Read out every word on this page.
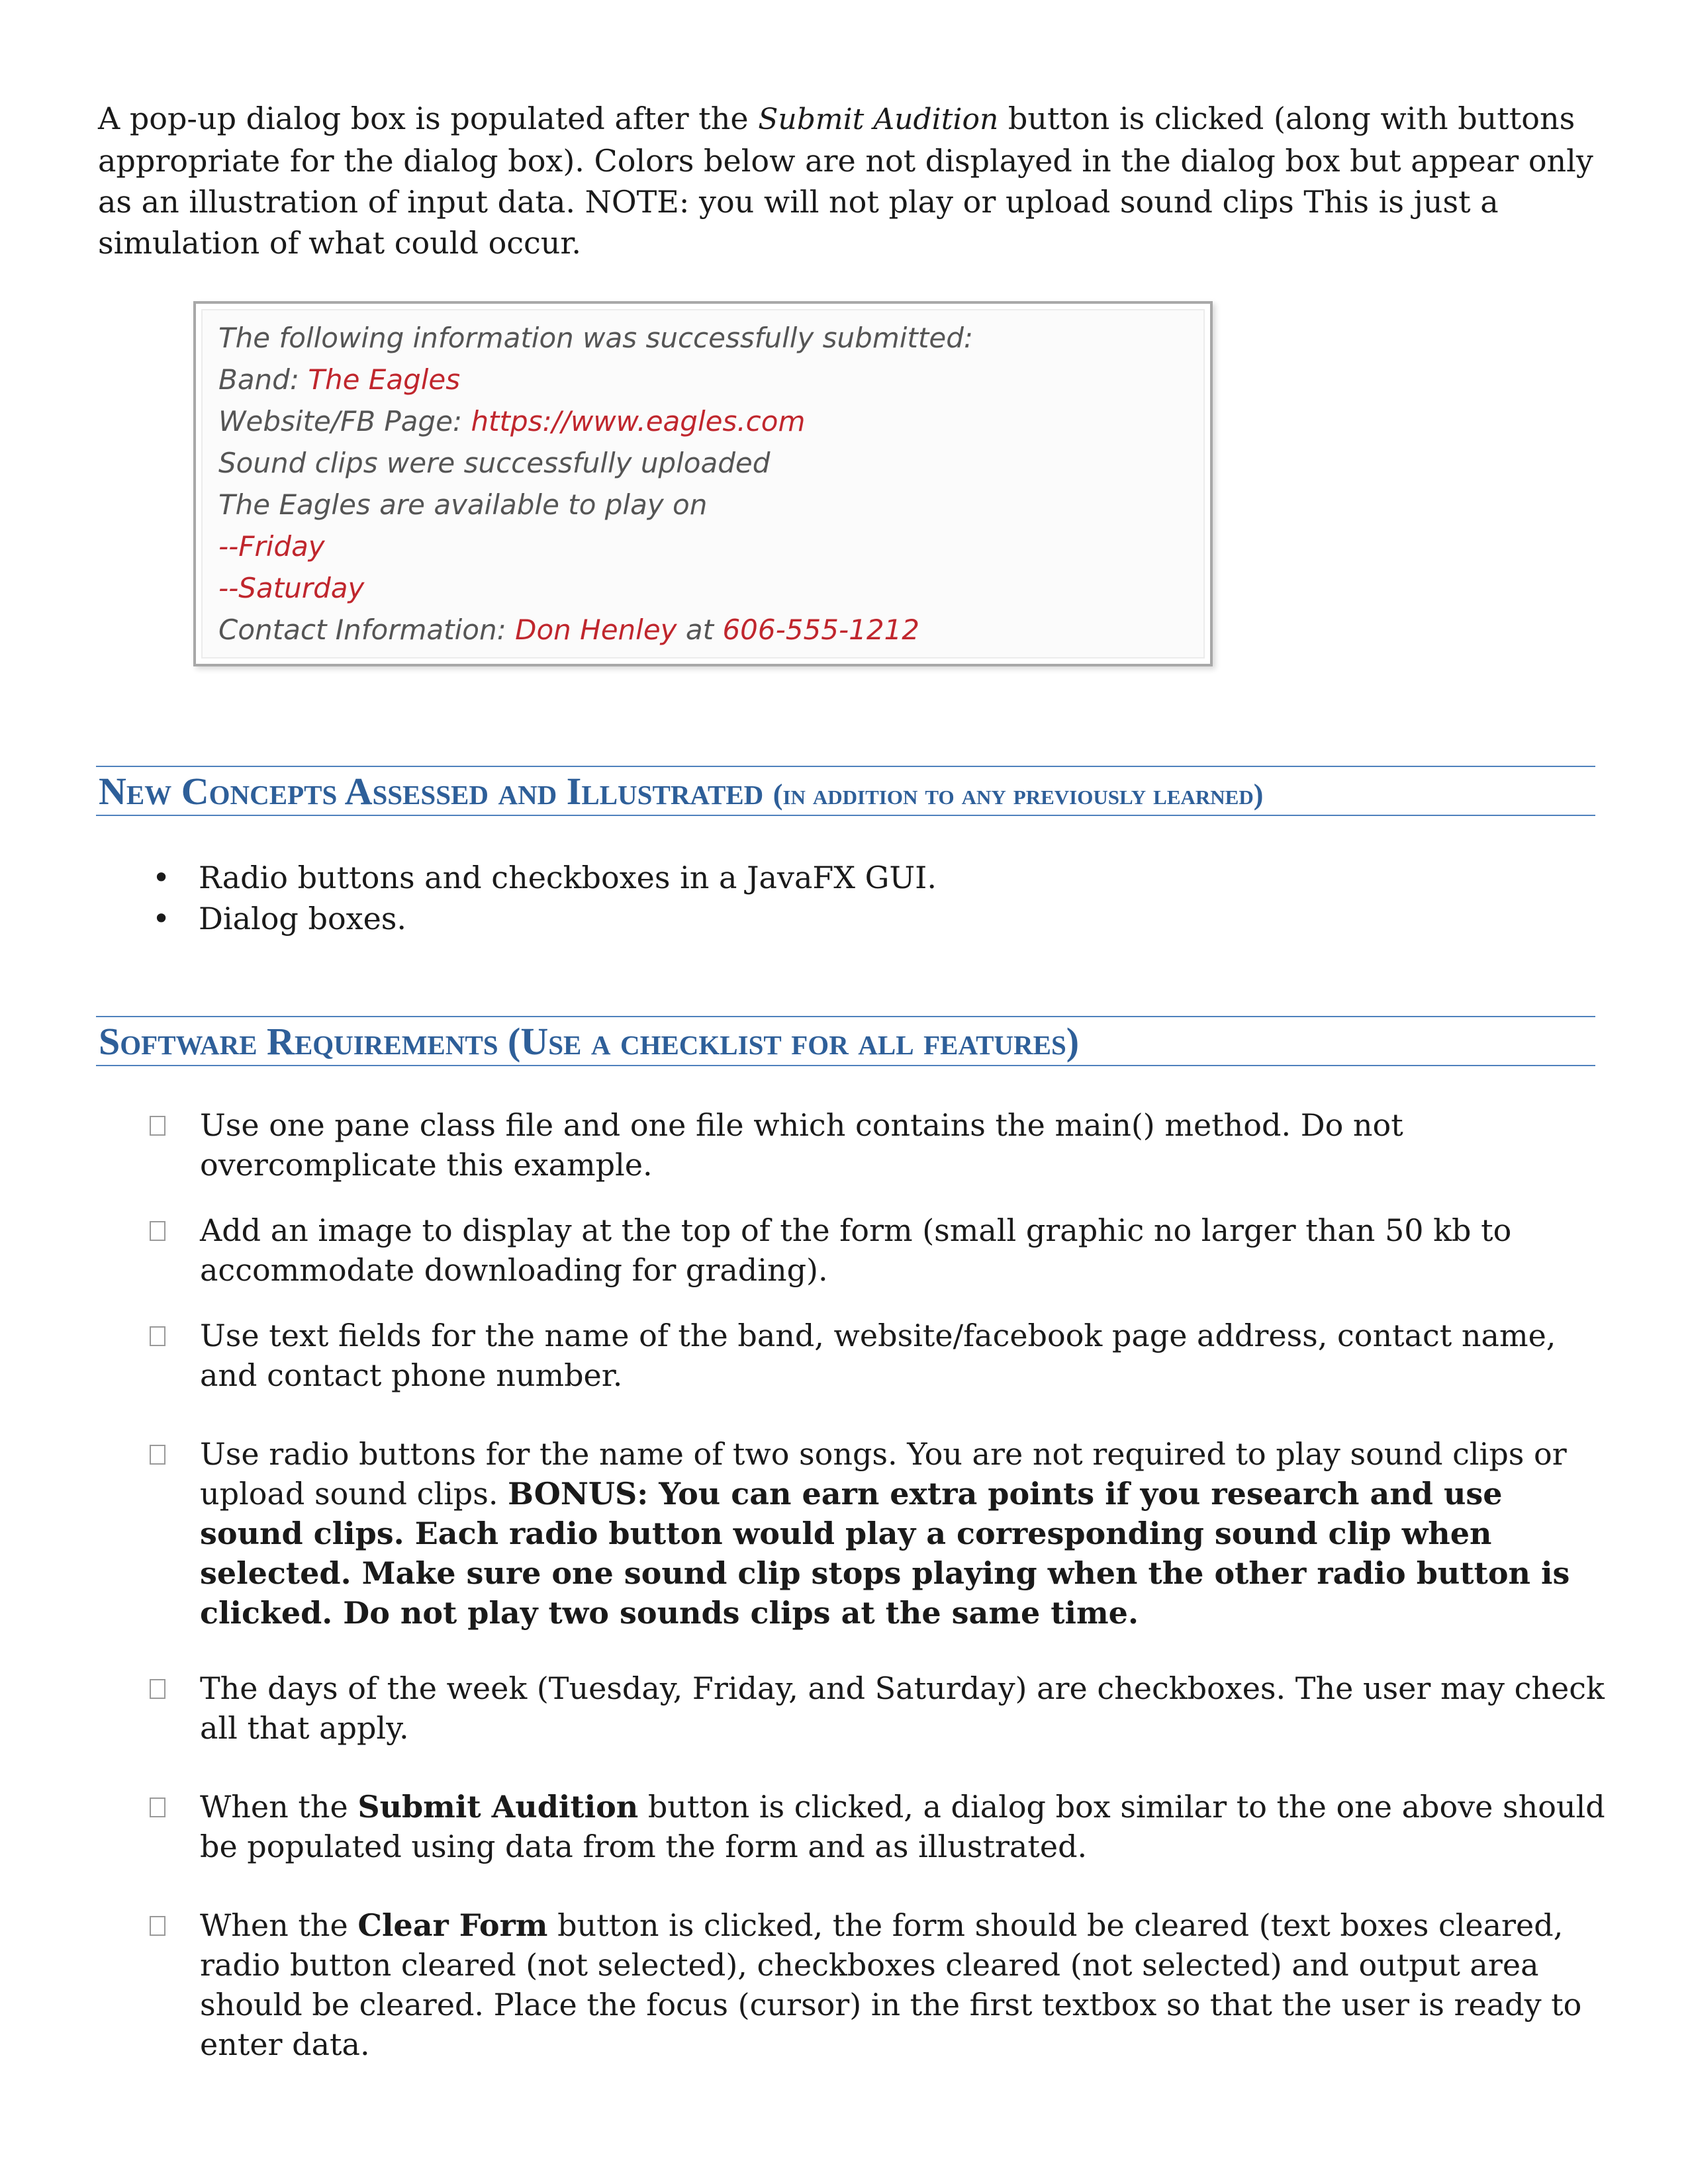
A pop-up dialog box is populated after the Submit Audition button is clicked (along with buttons appropriate for the dialog box). Colors below are not displayed in the dialog box but appear only as an illustration of input data. NOTE: you will not play or upload sound clips This is just a simulation of what could occur.

The following information was successfully submitted:
Band: The Eagles
Website/FB Page: https://www.eagles.com
Sound clips were successfully uploaded
The Eagles are available to play on
--Friday
--Saturday
Contact Information: Don Henley at 606-555-1212
New Concepts Assessed and Illustrated (in addition to any previously learned)
• Radio buttons and checkboxes in a JavaFX GUI.
• Dialog boxes.
Software Requirements (Use a checklist for all features)
Use one pane class file and one file which contains the main() method. Do not overcomplicate this example.
Add an image to display at the top of the form (small graphic no larger than 50 kb to accommodate downloading for grading).
Use text fields for the name of the band, website/facebook page address, contact name, and contact phone number.
Use radio buttons for the name of two songs. You are not required to play sound clips or upload sound clips. BONUS: You can earn extra points if you research and use sound clips. Each radio button would play a corresponding sound clip when selected. Make sure one sound clip stops playing when the other radio button is clicked. Do not play two sounds clips at the same time.
The days of the week (Tuesday, Friday, and Saturday) are checkboxes. The user may check all that apply.
When the Submit Audition button is clicked, a dialog box similar to the one above should be populated using data from the form and as illustrated.
When the Clear Form button is clicked, the form should be cleared (text boxes cleared, radio button cleared (not selected), checkboxes cleared (not selected) and output area should be cleared. Place the focus (cursor) in the first textbox so that the user is ready to enter data.
